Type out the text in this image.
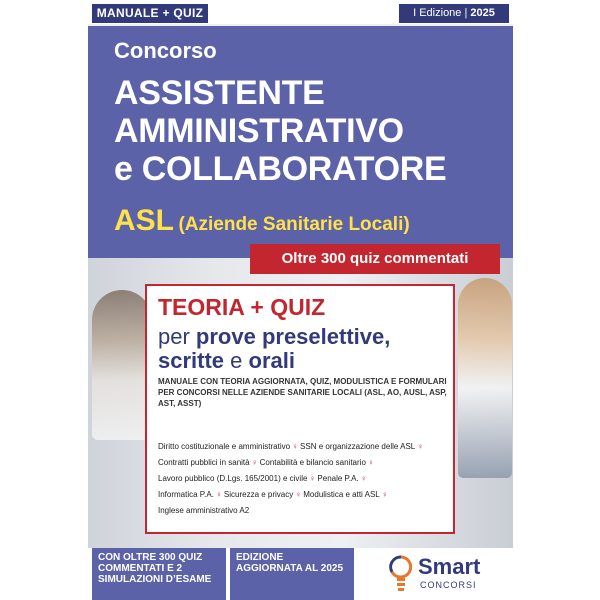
MANUALE + QUIZ	I Edizione | 2025
Concorso
ASSISTENTE
AMMINISTRATIVO
e COLLABORATORE
ASL (Aziende Sanitarie Locali)
Oltre 300 quiz commentati
TEORIA + QUIZ
per prove preselettive,
scritte e orali
MANUALE CON TEORIA AGGIORNATA, QUIZ, MODULISTICA E FORMULARI PER CONCORSI NELLE AZIENDE SANITARIE LOCALI (ASL, AO, AUSL, ASP, AST, ASST)
Diritto costituzionale e amministrativo ♀ SSN e organizzazione delle ASL ♀
Contratti pubblici in sanità ♀ Contabilità e bilancio sanitario ♀
Lavoro pubblico (D.Lgs. 165/2001) e civile ♀ Penale P.A. ♀
Informatica P.A. ♀ Sicurezza e privacy ♀ Modulistica e atti ASL ♀
Inglese amministrativo A2
CON OLTRE 300 QUIZ COMMENTATI E 2 SIMULAZIONI D’ESAME
EDIZIONE AGGIORNATA AL 2025	Smart
CONCORSI
